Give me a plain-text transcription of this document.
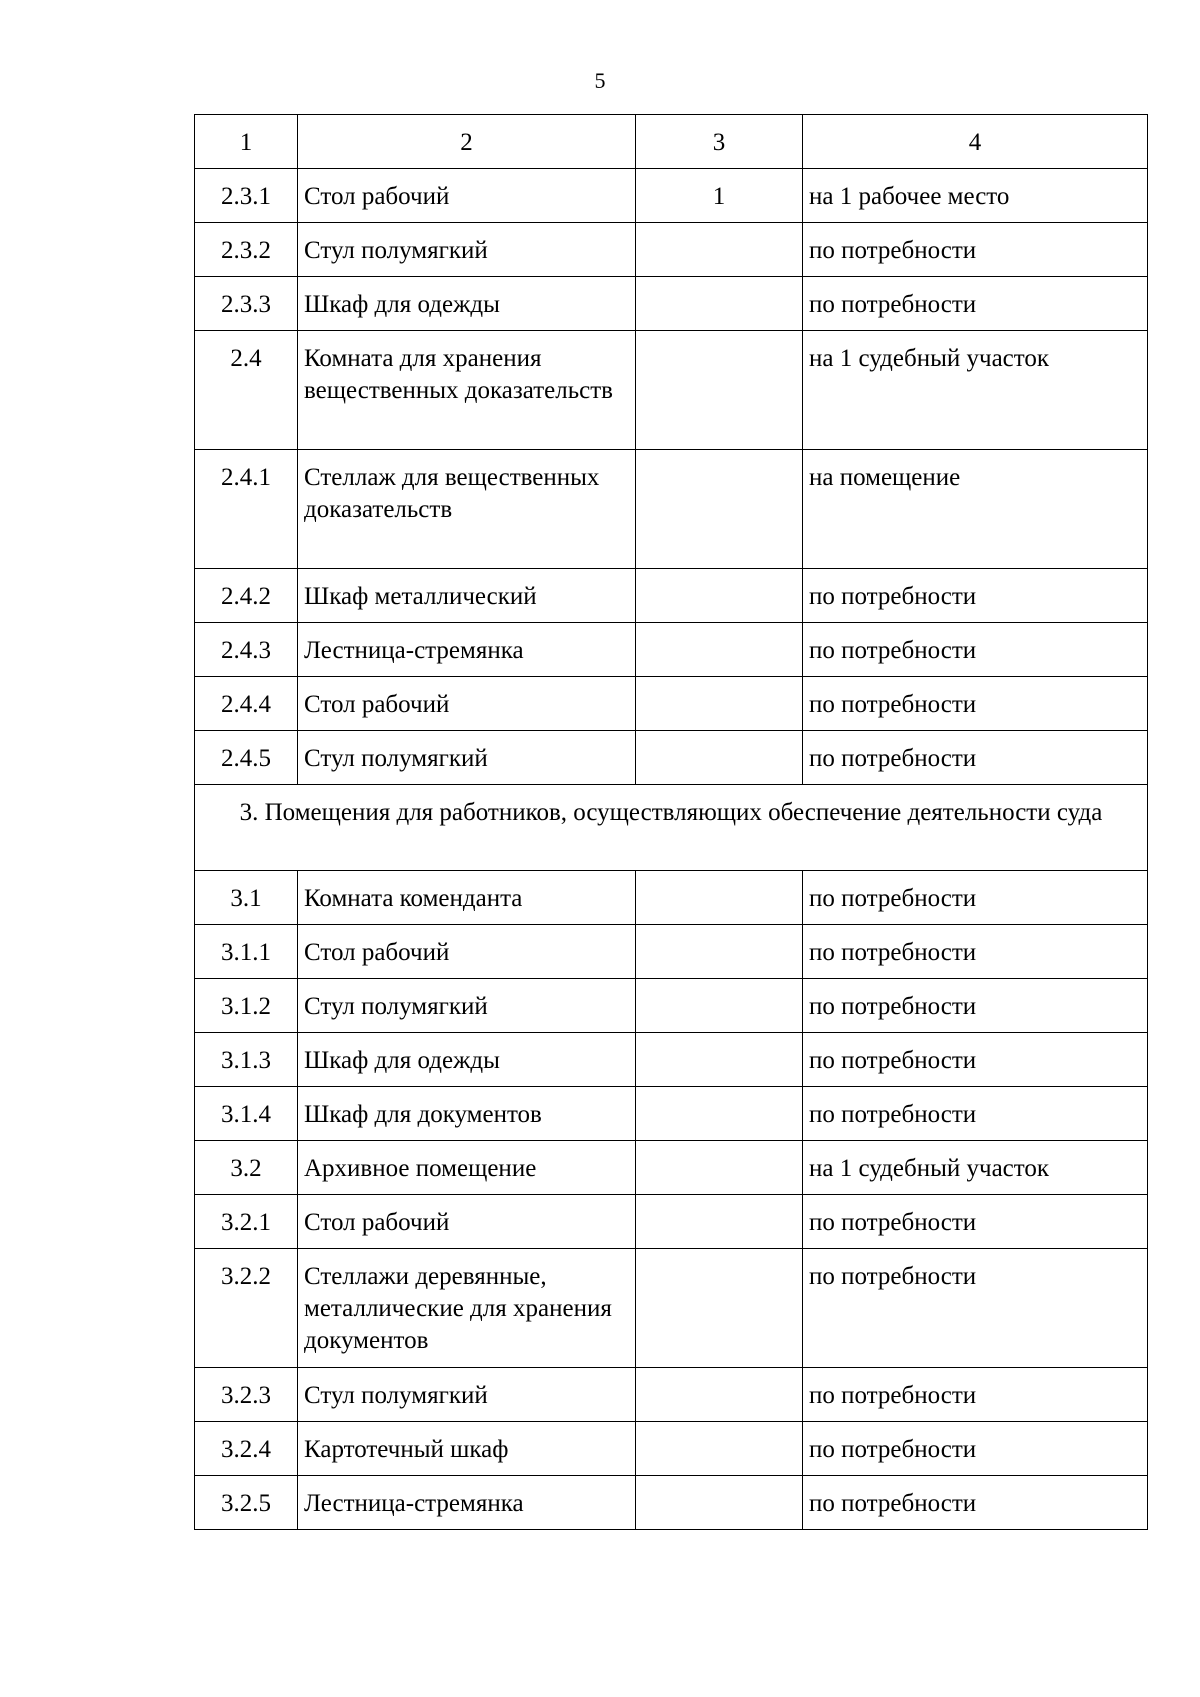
5
1	2	3	4
2.3.1	Стол рабочий	1	на 1 рабочее место
2.3.2	Стул полумягкий		по потребности
2.3.3	Шкаф для одежды		по потребности
2.4	Комната для хранения вещественных доказательств		на 1 судебный участок
2.4.1	Стеллаж для вещественных доказательств		на помещение
2.4.2	Шкаф металлический		по потребности
2.4.3	Лестница-стремянка		по потребности
2.4.4	Стол рабочий		по потребности
2.4.5	Стул полумягкий		по потребности
3. Помещения для работников, осуществляющих обеспечение деятельности суда			
3.1	Комната коменданта		по потребности
3.1.1	Стол рабочий		по потребности
3.1.2	Стул полумягкий		по потребности
3.1.3	Шкаф для одежды		по потребности
3.1.4	Шкаф для документов		по потребности
3.2	Архивное помещение		на 1 судебный участок
3.2.1	Стол рабочий		по потребности
3.2.2	Стеллажи деревянные, металлические для хранения документов		по потребности
3.2.3	Стул полумягкий		по потребности
3.2.4	Картотечный шкаф		по потребности
3.2.5	Лестница-стремянка		по потребности
